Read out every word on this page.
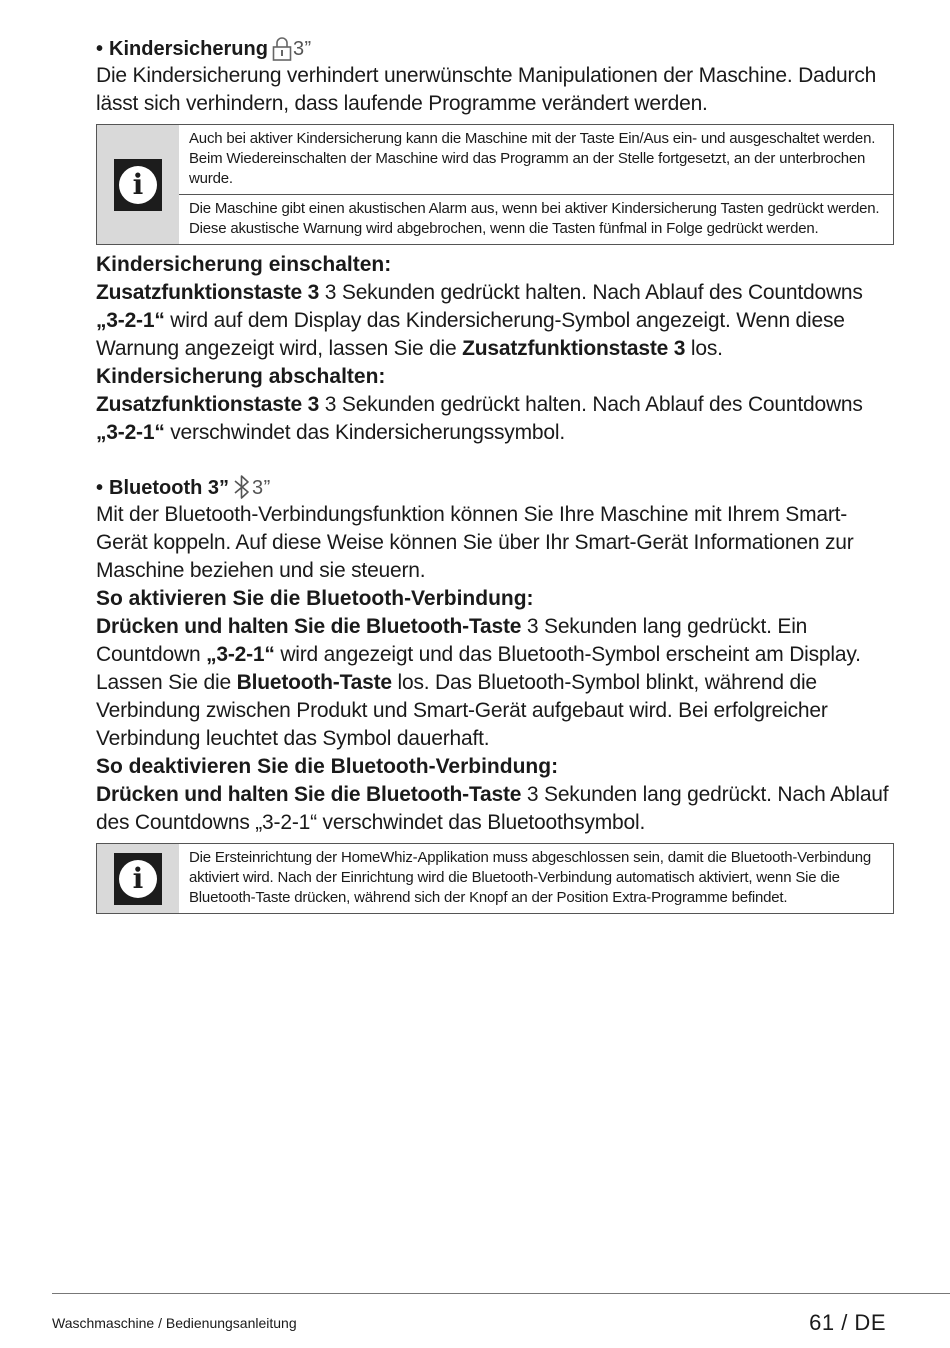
• Kindersicherung 3”

Die Kindersicherung verhindert unerwünschte Manipulationen der Maschine. Dadurch lässt sich verhindern, dass laufende Programme verändert werden.

i

Auch bei aktiver Kindersicherung kann die Maschine mit der Taste Ein/Aus ein- und ausgeschaltet werden. Beim Wiedereinschalten der Maschine wird das Programm an der Stelle fortgesetzt, an der unterbrochen wurde.

Die Maschine gibt einen akustischen Alarm aus, wenn bei aktiver Kindersicherung Tasten gedrückt werden. Diese akustische Warnung wird abgebrochen, wenn die Tasten fünfmal in Folge gedrückt werden.

Kindersicherung einschalten:

Zusatzfunktionstaste 3 3 Sekunden gedrückt halten. Nach Ablauf des Countdowns „3-2-1“ wird auf dem Display das Kindersicherung-Symbol angezeigt. Wenn diese Warnung angezeigt wird, lassen Sie die Zusatzfunktionstaste 3 los.

Kindersicherung abschalten:

Zusatzfunktionstaste 3 3 Sekunden gedrückt halten. Nach Ablauf des Countdowns „3-2-1“ verschwindet das Kindersicherungssymbol.

• Bluetooth 3” 3”

Mit der Bluetooth-Verbindungsfunktion können Sie Ihre Maschine mit Ihrem Smart-Gerät koppeln. Auf diese Weise können Sie über Ihr Smart-Gerät Informationen zur Maschine beziehen und sie steuern.

So aktivieren Sie die Bluetooth-Verbindung:

Drücken und halten Sie die Bluetooth-Taste 3 Sekunden lang gedrückt. Ein Countdown „3-2-1“ wird angezeigt und das Bluetooth-Symbol erscheint am Display. Lassen Sie die Bluetooth-Taste los. Das Bluetooth-Symbol blinkt, während die Verbindung zwischen Produkt und Smart-Gerät aufgebaut wird. Bei erfolgreicher Verbindung leuchtet das Symbol dauerhaft.

So deaktivieren Sie die Bluetooth-Verbindung:

Drücken und halten Sie die Bluetooth-Taste 3 Sekunden lang gedrückt. Nach Ablauf des Countdowns „3-2-1“ verschwindet das Bluetoothsymbol.

i

Die Ersteinrichtung der HomeWhiz-Applikation muss abgeschlossen sein, damit die Bluetooth-Verbindung aktiviert wird. Nach der Einrichtung wird die Bluetooth-Verbindung automatisch aktiviert, wenn Sie die Bluetooth-Taste drücken, während sich der Knopf an der Position Extra-Programme befindet.

Waschmaschine / Bedienungsanleitung	61 / DE
